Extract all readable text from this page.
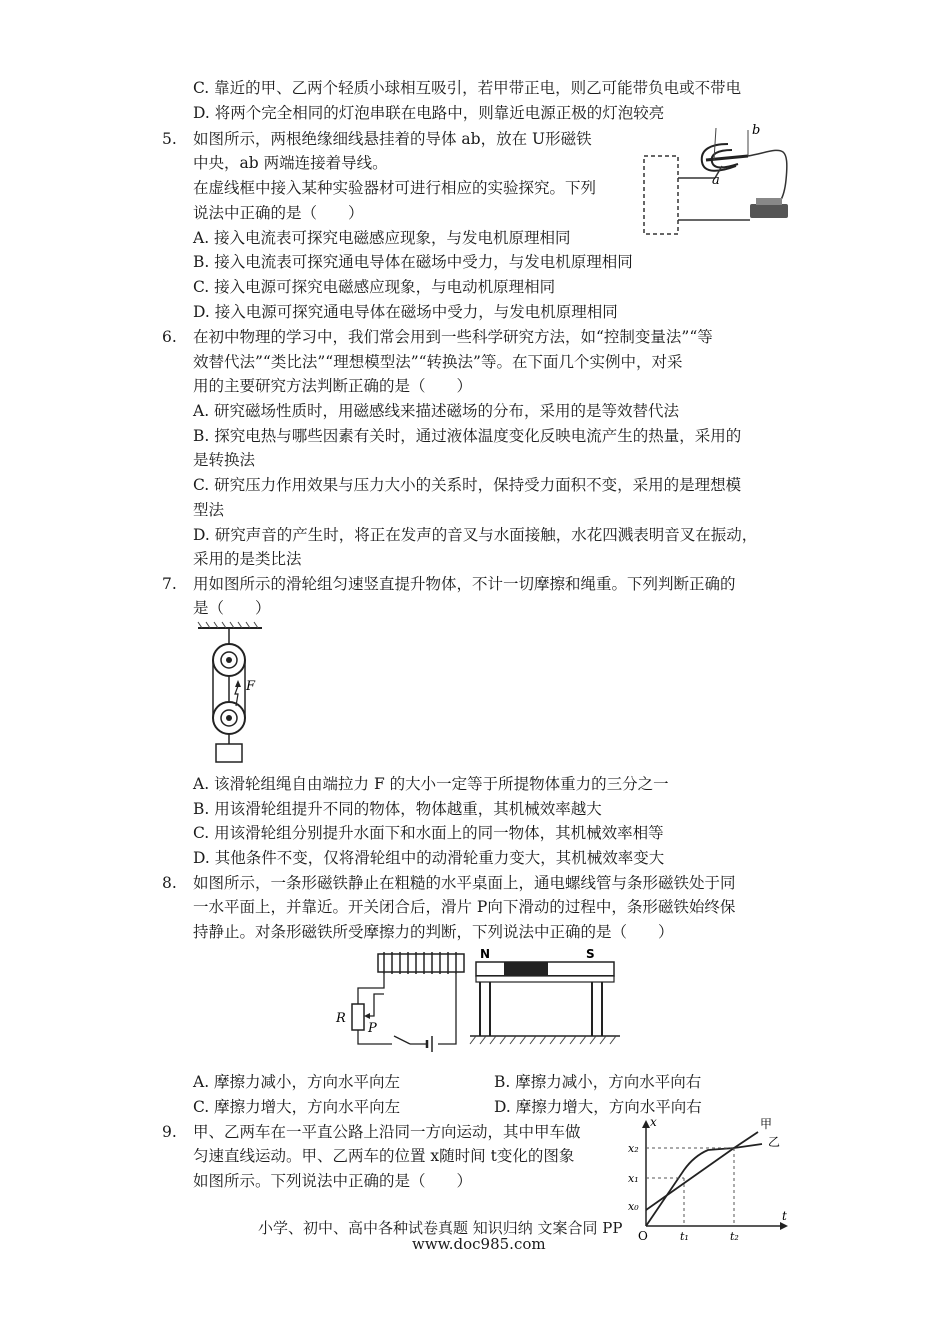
C. 靠近的甲、乙两个轻质小球相互吸引，若甲带正电，则乙可能带负电或不带电
D. 将两个完全相同的灯泡串联在电路中，则靠近电源正极的灯泡较亮
5. 如图所示，两根绝缘细线悬挂着的导体 ab，放在 U形磁铁
中央，ab 两端连接着导线。
在虚线框中接入某种实验器材可进行相应的实验探究。下列
说法中正确的是（　　）
A. 接入电流表可探究电磁感应现象，与发电机原理相同
B. 接入电流表可探究通电导体在磁场中受力，与发电机原理相同
C. 接入电源可探究电磁感应现象，与电动机原理相同
D. 接入电源可探究通电导体在磁场中受力，与发电机原理相同
b
a
6. 在初中物理的学习中，我们常会用到一些科学研究方法，如“控制变量法”“等
效替代法”“类比法”“理想模型法”“转换法”等。在下面几个实例中，对采
用的主要研究方法判断正确的是（　　）
A. 研究磁场性质时，用磁感线来描述磁场的分布，采用的是等效替代法
B. 探究电热与哪些因素有关时，通过液体温度变化反映电流产生的热量，采用的
是转换法
C. 研究压力作用效果与压力大小的关系时，保持受力面积不变，采用的是理想模
型法
D. 研究声音的产生时，将正在发声的音叉与水面接触，水花四溅表明音叉在振动，
采用的是类比法
7. 用如图所示的滑轮组匀速竖直提升物体，不计一切摩擦和绳重。下列判断正确的
是（　　）
F
A. 该滑轮组绳自由端拉力 F 的大小一定等于所提物体重力的三分之一
B. 用该滑轮组提升不同的物体，物体越重，其机械效率越大
C. 用该滑轮组分别提升水面下和水面上的同一物体，其机械效率相等
D. 其他条件不变，仅将滑轮组中的动滑轮重力变大，其机械效率变大
8. 如图所示，一条形磁铁静止在粗糙的水平桌面上，通电螺线管与条形磁铁处于同
一水平面上，并靠近。开关闭合后，滑片 P向下滑动的过程中，条形磁铁始终保
持静止。对条形磁铁所受摩擦力的判断，下列说法中正确的是（　　）
R
P
N	S
A. 摩擦力减小，方向水平向左	B. 摩擦力减小，方向水平向右
C. 摩擦力增大，方向水平向左	D. 摩擦力增大，方向水平向右
9. 甲、乙两车在一平直公路上沿同一方向运动，其中甲车做
匀速直线运动。甲、乙两车的位置 x随时间 t变化的图象
如图所示。下列说法中正确的是（　　）
x
t
O
甲
乙
x₂
x₁
x₀
t₁	t₂
小学、初中、高中各种试卷真题 知识归纳 文案合同 PP
www.doc985.com
